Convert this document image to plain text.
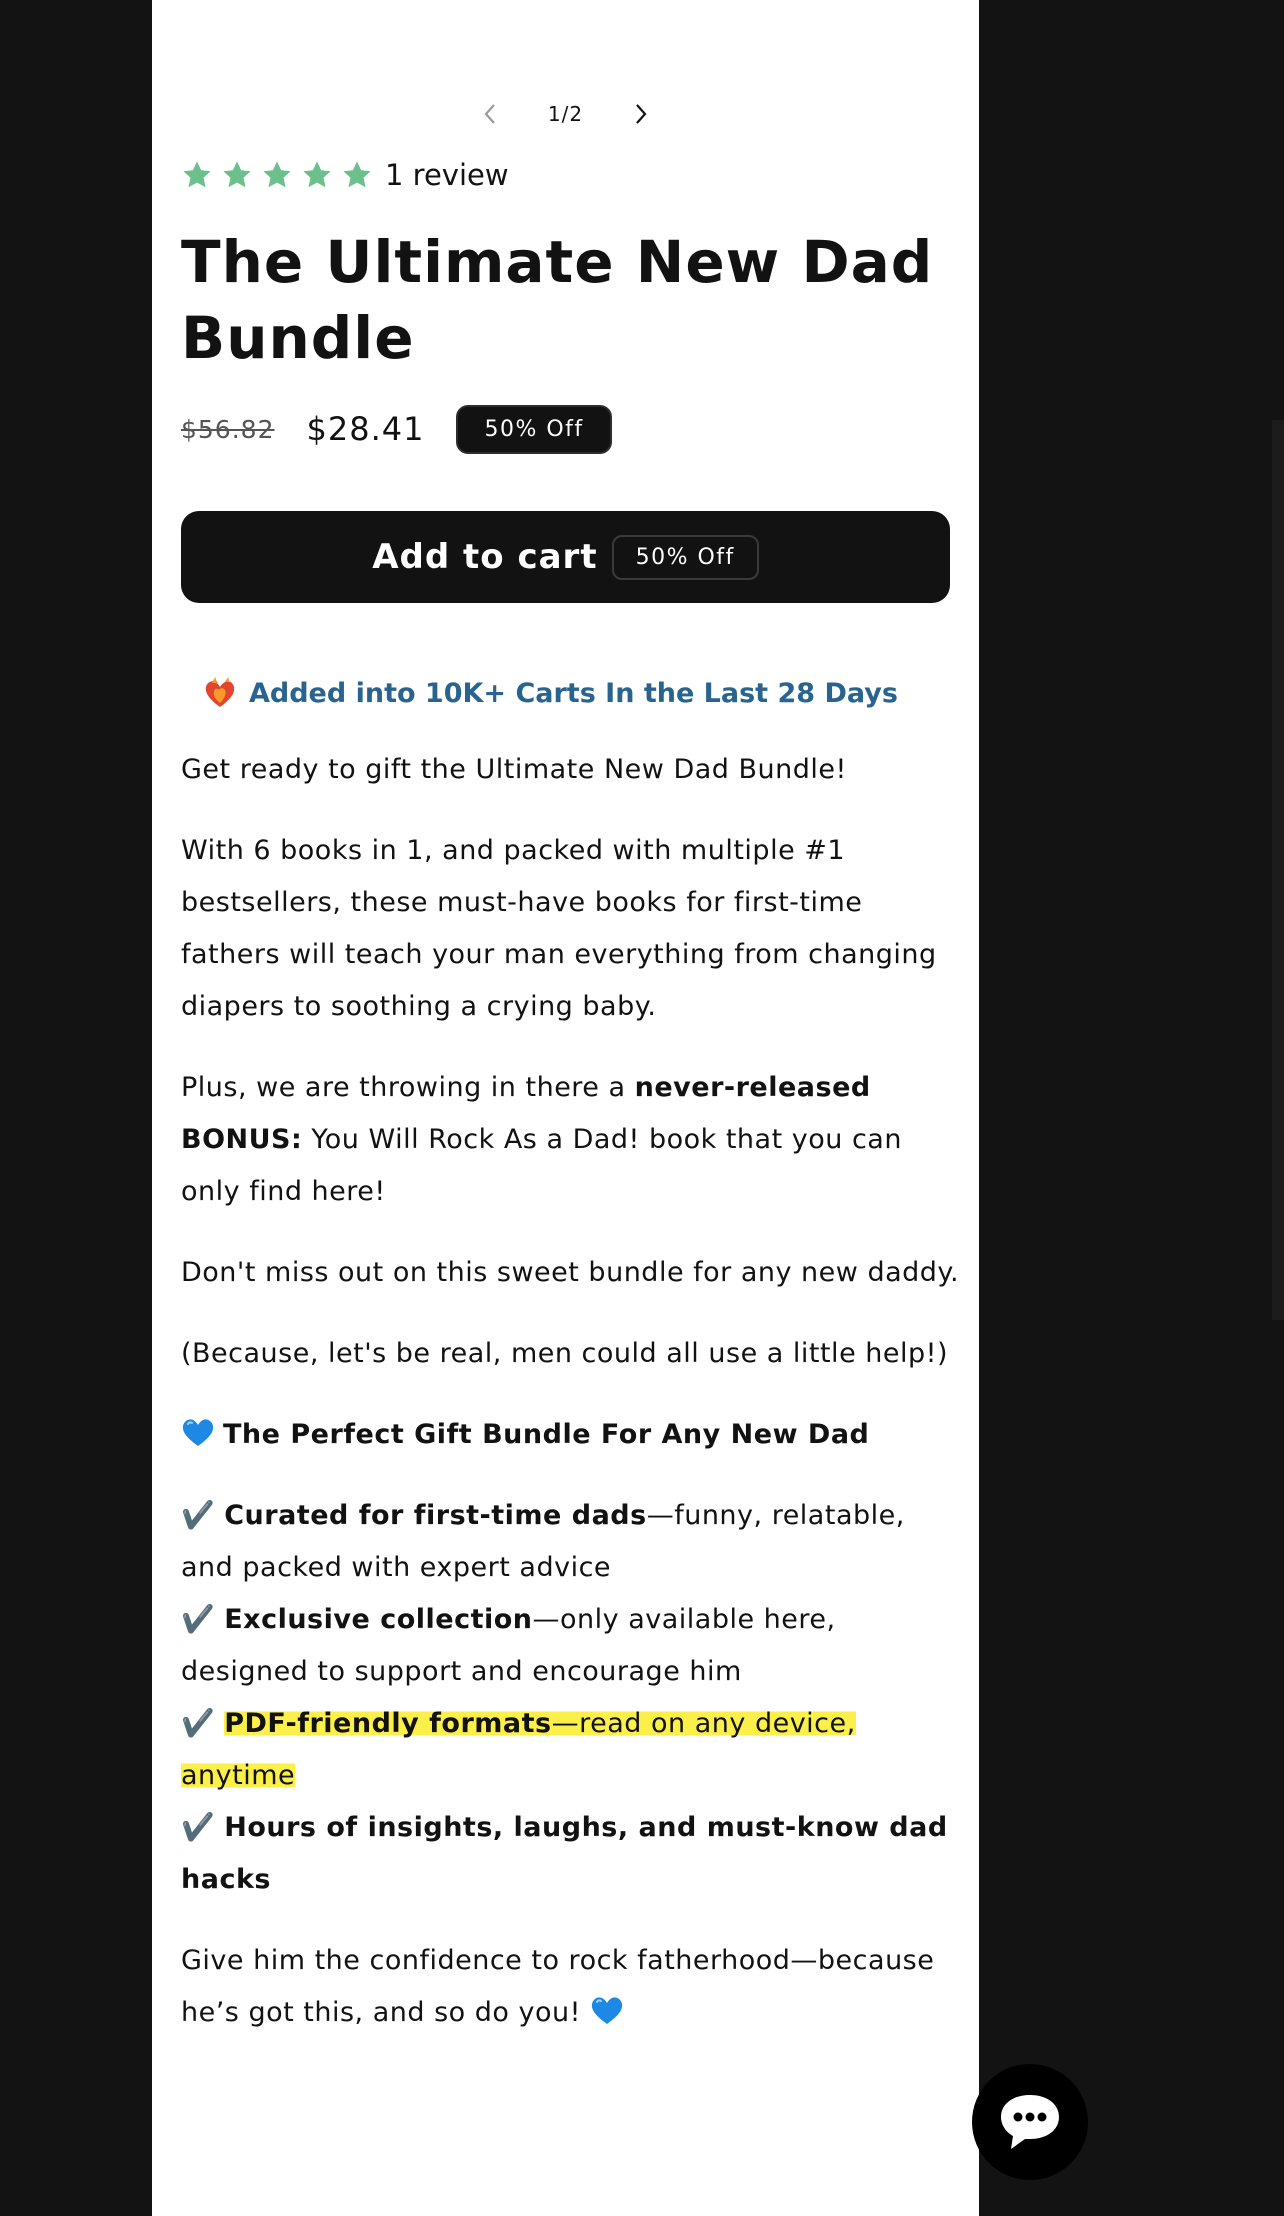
1/2
1 review
The Ultimate New Dad Bundle
$56.82 $28.41	50% Off
Add to cart	50% Off
Added into 10K+ Carts In the Last 28 Days

Get ready to gift the Ultimate New Dad Bundle!

With 6 books in 1, and packed with multiple #1 bestsellers, these must-have books for first-time fathers will teach your man everything from changing diapers to soothing a crying baby.

Plus, we are throwing in there a never-released BONUS: You Will Rock As a Dad! book that you can only find here!

Don't miss out on this sweet bundle for any new daddy.

(Because, let's be real, men could all use a little help!)

The Perfect Gift Bundle For Any New Dad

✔️ Curated for first-time dads—funny, relatable, and packed with expert advice

✔️ Exclusive collection—only available here, designed to support and encourage him

✔️ PDF-friendly formats—read on any device, anytime

✔️ Hours of insights, laughs, and must-know dad hacks

Give him the confidence to rock fatherhood—because he’s got this, and so do you!
